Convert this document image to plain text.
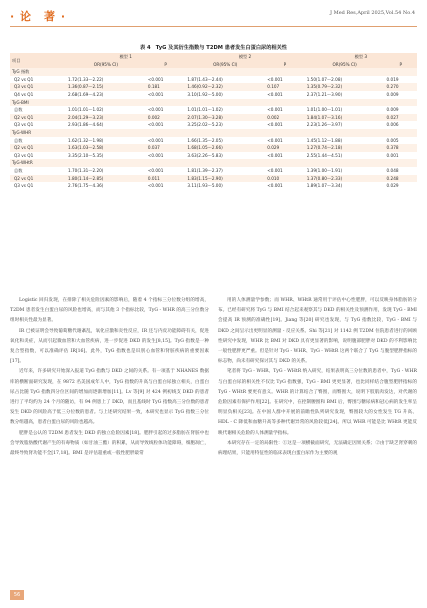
· 论　著 ·	J Med Res,April 2025,Vol.54 No.4
表 4　TyG 及其衍生指数与 T2DM 患者发生白蛋白尿的相关性
项目	模型 1		模型 2		模型 3	
	OR(95% CI)	P	OR(95% CI)	P	OR(95% CI)	P
TyG 指数						
Q2 vs Q1	1.72(1.33～2.22)	<0.001	1.87(1.43～2.44)	<0.001	1.50(1.07～2.08)	0.019
Q3 vs Q1	1.36(0.87～2.15)	0.181	1.46(0.92～2.32)	0.107	1.35(0.79～2.32)	0.270
Q4 vs Q1	2.68(1.69～4.23)	<0.001	3.10(1.92～5.00)	<0.001	2.37(1.21～3.90)	0.009
TyG-BMI						
总数	1.01(1.01～1.02)	<0.001	1.01(1.01～1.02)	<0.001	1.01(1.00～1.01)	0.009
Q2 vs Q1	2.04(1.29～3.23)	0.002	2.07(1.30～3.28)	0.002	1.84(1.07～3.16)	0.027
Q3 vs Q1	2.93(1.86～4.64)	<0.001	3.25(2.02～5.23)	<0.001	2.23(1.26～3.97)	0.006
TyG-WHR						
总数	1.62(1.32～1.98)	<0.001	1.66(1.35～2.05)	<0.001	1.45(1.12～1.88)	0.005
Q2 vs Q1	1.63(1.03～2.58)	0.037	1.68(1.05～2.66)	0.029	1.27(0.74～2.18)	0.378
Q3 vs Q1	3.35(2.10～5.35)	<0.001	3.63(2.26～5.83)	<0.001	2.55(1.44～4.51)	0.001
TyG-WHtR						
总数	1.70(1.31～2.20)	<0.001	1.81(1.39～2.37)	<0.001	1.39(1.00～1.91)	0.048
Q2 vs Q1	1.80(1.14～2.85)	0.011	1.83(1.15～2.90)	0.010	1.37(0.80～2.33)	0.248
Q3 vs Q1	2.76(1.75～4.36)	<0.001	3.11(1.93～5.00)	<0.001	1.89(1.07～3.34)	0.029

Logistic 回归发现，在排除了相关危险因素的影响后，随着 4 个指标三分位数分组的增高，T2DM 患者发生白蛋白尿的风险也增高，而与其他 3 个指标比较，TyG - WHR 的高三分位数分组时相关性最为显著。

IR 已被证明会导致葡萄糖代谢紊乱，氧化应激和炎性反应，IR 还与内皮功能障碍有关，促进氧化和炎症，从而引起微血管和大血管疾病，进一步促进 DKD 的发生[8,15]。TyG 指数是一种复合型指数，可以准确评估 IR[16]。此外，TyG 指数也是识别心血管和肾脏疾病的重要因素[17]。

近年来，许多研究开始深入报道 TyG 指数与 DKD 之间的关系。有一项基于 NHANES 数据库的横断面研究发现，在 9872 名美国成年人中，TyG 指数的升高与白蛋白尿独立相关，白蛋白尿占比随 TyG 指数四分位区间的增加而逐渐增加[11]。Lv 等[9] 对 424 例初线支 DKD 的患者进行了平均约为 24 个月的随访，有 94 例患上了 DKD，而且基线时 TyG 指数高三分位数的患者发生 DKD 的风险高于低三分位数的患者。与上述研究结果一致，本研究也显示 TyG 指数三分位数分组越高，患者白蛋白尿的风险也越高。

肥胖是公认的 T2DM 患者发生 DKD 的独立危险因素[18]。肥胖引起的过多脂肪在肾脏中也会导致脂肪酸代谢产生的有毒物质（如甘油三酯）的积累，从而导致线粒体功能障碍，细胞凋亡，最终导致肾功能不全[17,18]。BMI 是评估超重或一般性肥胖最常

用的人体测量学参数；而 WHR、WHtR 通常用于评估中心性肥胖，可以反映身体脂肪的分布。已经有研究将 TyG 与 BMI 结合起来观察其与 DKD 的相关性及预测作用，发现 TyG - BMI 会提高 IR 预测的准确性[19]。Jiang 等[20] 研究也发现，与 TyG 指数比较，TyG - BMI 与 DKD 之间呈示出更明显的测量 - 反应关系。Shi 等[21] 对 1142 例 T2DM 住院患者进行的回顾性研究中发现，WHR 比 BMI 对 DKD 具有更显著的影响，说明腹部肥胖对 DKD 的不利影响比一般性肥胖更严重。但是针对 TyG - WHR、TyG - WHtR 这两个联合了 TyG 与腹型肥胖指标的标志物，尚未有研究探讨其与 DKD 的关系。

笔者将 TyG - WHR、TyG - WHtR 纳入研究，结果表明高三分位数的患者中，TyG - WHR 与白蛋白尿的相关性不仅比 TyG 指数强，TyG - BMI 更更显著，也比同样结合腹型肥胖指标的 TyG - WHtR 要更有意义。WHR 的计算结合了臀围，而臀围大，说明下肢肌肉发达，对代谢的危险因素有保护作用[22]。在研究中，在控制腰围和 BMI 后，臀围与糖尿病和冠心病的发生率呈明显负相关[23]。在中国人群中开展的前瞻性队列研究发现，臀围较大的女性发生 TG 升高、HDL - C 降低和血糖升高等多种代谢异常的风险较低[24]。所以 WHR 可能是比 WHtR 更能反映代谢相关危险的人体测量学指标。

本研究存在一定的局限性：①这是一项横截面研究，无法确定因果关系；②由于缺乏肾穿刺的病理结果，只能用特征性的临床表现白蛋白尿作为主要的观

56
